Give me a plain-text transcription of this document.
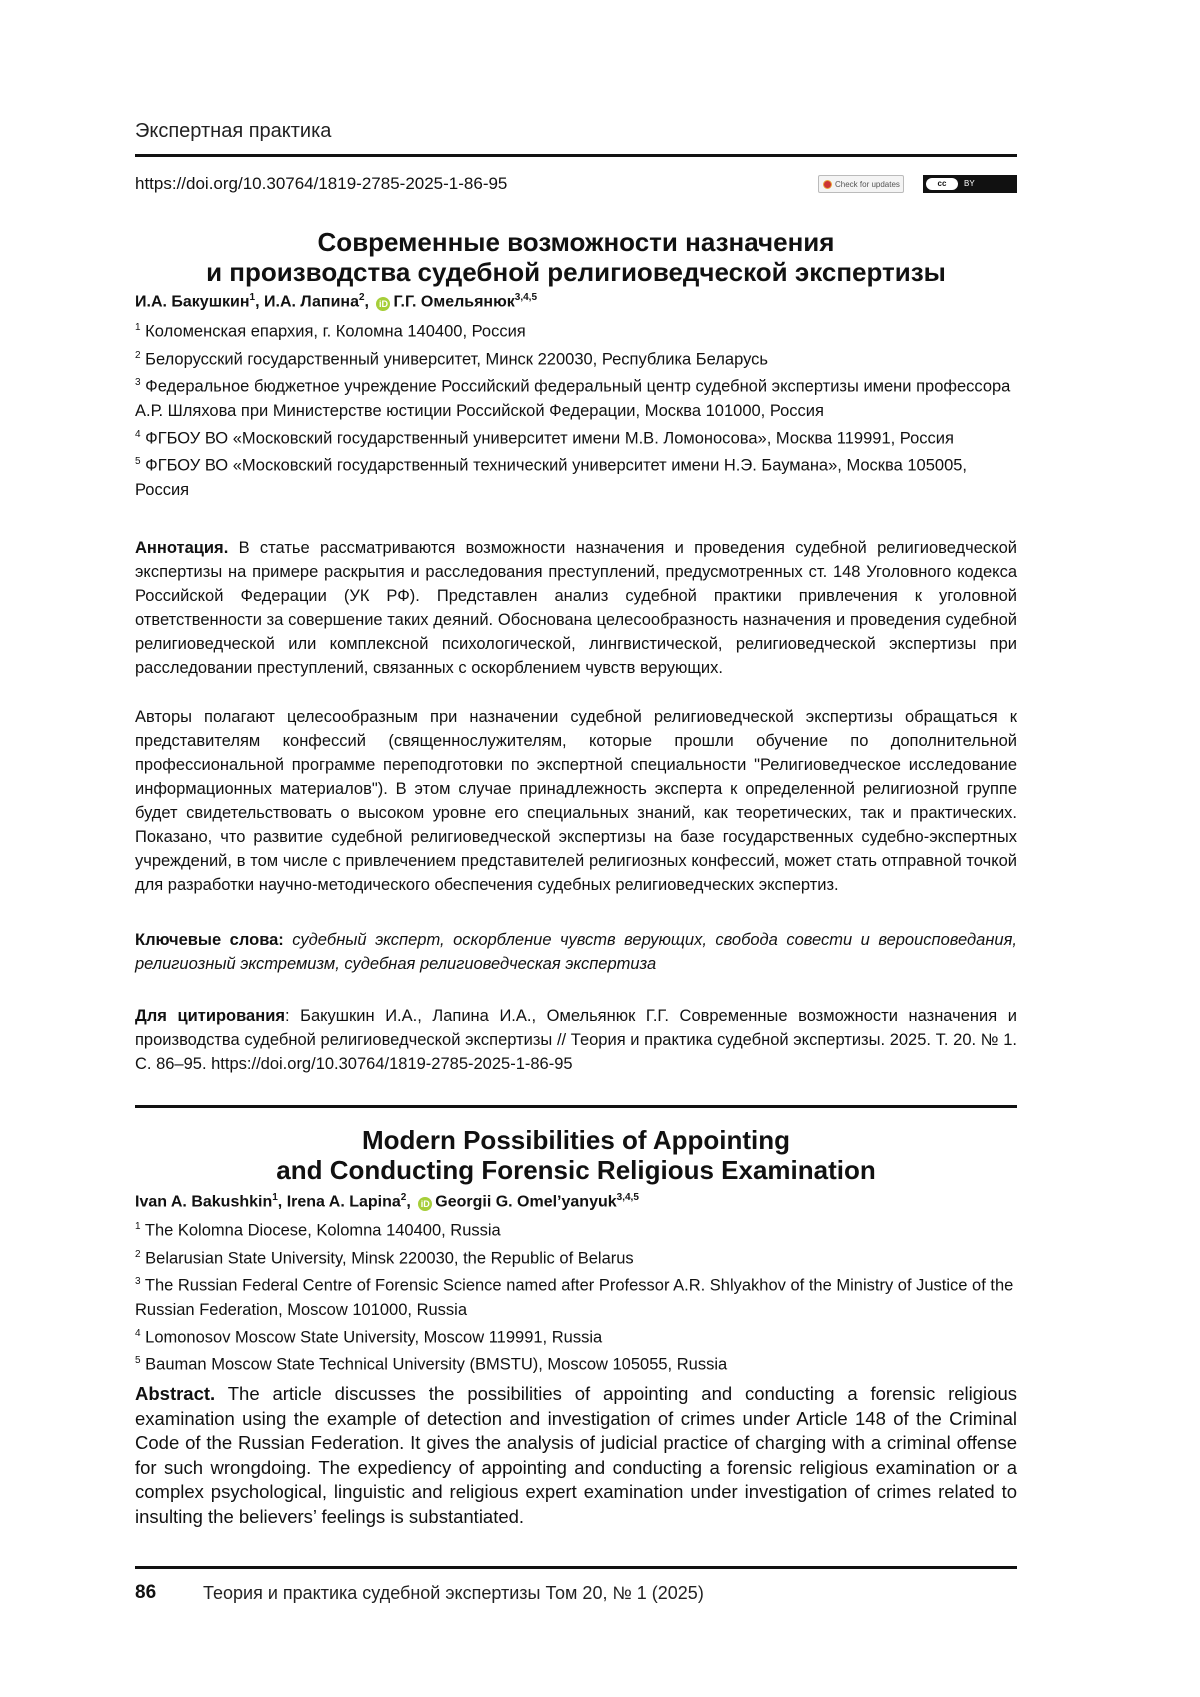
Экспертная практика
https://doi.org/10.30764/1819-2785-2025-1-86-95	Check for updates	cc	BY
Современные возможности назначения
и производства судебной религиоведческой экспертизы
И.А. Бакушкин$^1$, И.А. Лапина$^2$, iD Г.Г. Омельянюк$^{3,4,5}$
$^1$ Коломенская епархия, г. Коломна 140400, Россия
$^2$ Белорусский государственный университет, Минск 220030, Республика Беларусь
$^3$ Федеральное бюджетное учреждение Российский федеральный центр судебной экспертизы имени профессора А.Р. Шляхова при Министерстве юстиции Российской Федерации, Москва 101000, Россия
$^4$ ФГБОУ ВО «Московский государственный университет имени М.В. Ломоносова», Москва 119991, Россия
$^5$ ФГБОУ ВО «Московский государственный технический университет имени Н.Э. Баумана», Москва 105005, Россия
Аннотация. В статье рассматриваются возможности назначения и проведения судебной религиоведческой экспертизы на примере раскрытия и расследования преступлений, предусмотренных ст. 148 Уголовного кодекса Российской Федерации (УК РФ). Представлен анализ судебной практики привлечения к уголовной ответственности за совершение таких деяний. Обоснована целесообразность назначения и проведения судебной религиоведческой или комплексной психологической, лингвистической, религиоведческой экспертизы при расследовании преступлений, связанных с оскорблением чувств верующих.
Авторы полагают целесообразным при назначении судебной религиоведческой экспертизы обращаться к представителям конфессий (священнослужителям, которые прошли обучение по дополнительной профессиональной программе переподготовки по экспертной специальности "Религиоведческое исследование информационных материалов"). В этом случае принадлежность эксперта к определенной религиозной группе будет свидетельствовать о высоком уровне его специальных знаний, как теоретических, так и практических. Показано, что развитие судебной религиоведческой экспертизы на базе государственных судебно-экспертных учреждений, в том числе с привлечением представителей религиозных конфессий, может стать отправной точкой для разработки научно-методического обеспечения судебных религиоведческих экспертиз.
Ключевые слова: судебный эксперт, оскорбление чувств верующих, свобода совести и вероисповедания, религиозный экстремизм, судебная религиоведческая экспертиза
Для цитирования: Бакушкин И.А., Лапина И.А., Омельянюк Г.Г. Современные возможности назначения и производства судебной религиоведческой экспертизы // Теория и практика судебной экспертизы. 2025. Т. 20. № 1. С. 86–95. https://doi.org/10.30764/1819-2785-2025-1-86-95
Modern Possibilities of Appointing
and Conducting Forensic Religious Examination
Ivan A. Bakushkin$^1$, Irena A. Lapina$^2$, iD Georgii G. Omel’yanyuk$^{3,4,5}$
$^1$ The Kolomna Diocese, Kolomna 140400, Russia
$^2$ Belarusian State University, Minsk 220030, the Republic of Belarus
$^3$ The Russian Federal Centre of Forensic Science named after Professor A.R. Shlyakhov of the Ministry of Justice of the Russian Federation, Moscow 101000, Russia
$^4$ Lomonosov Moscow State University, Moscow 119991, Russia
$^5$ Bauman Moscow State Technical University (BMSTU), Moscow 105055, Russia
Abstract. The article discusses the possibilities of appointing and conducting a forensic religious examination using the example of detection and investigation of crimes under Article 148 of the Criminal Code of the Russian Federation. It gives the analysis of judicial practice of charging with a criminal offense for such wrongdoing. The expediency of appointing and conducting a forensic religious examination or a complex psychological, linguistic and religious expert examination under investigation of crimes related to insulting the believers’ feelings is substantiated.
86	Теория и практика судебной экспертизы Том 20, № 1 (2025)
